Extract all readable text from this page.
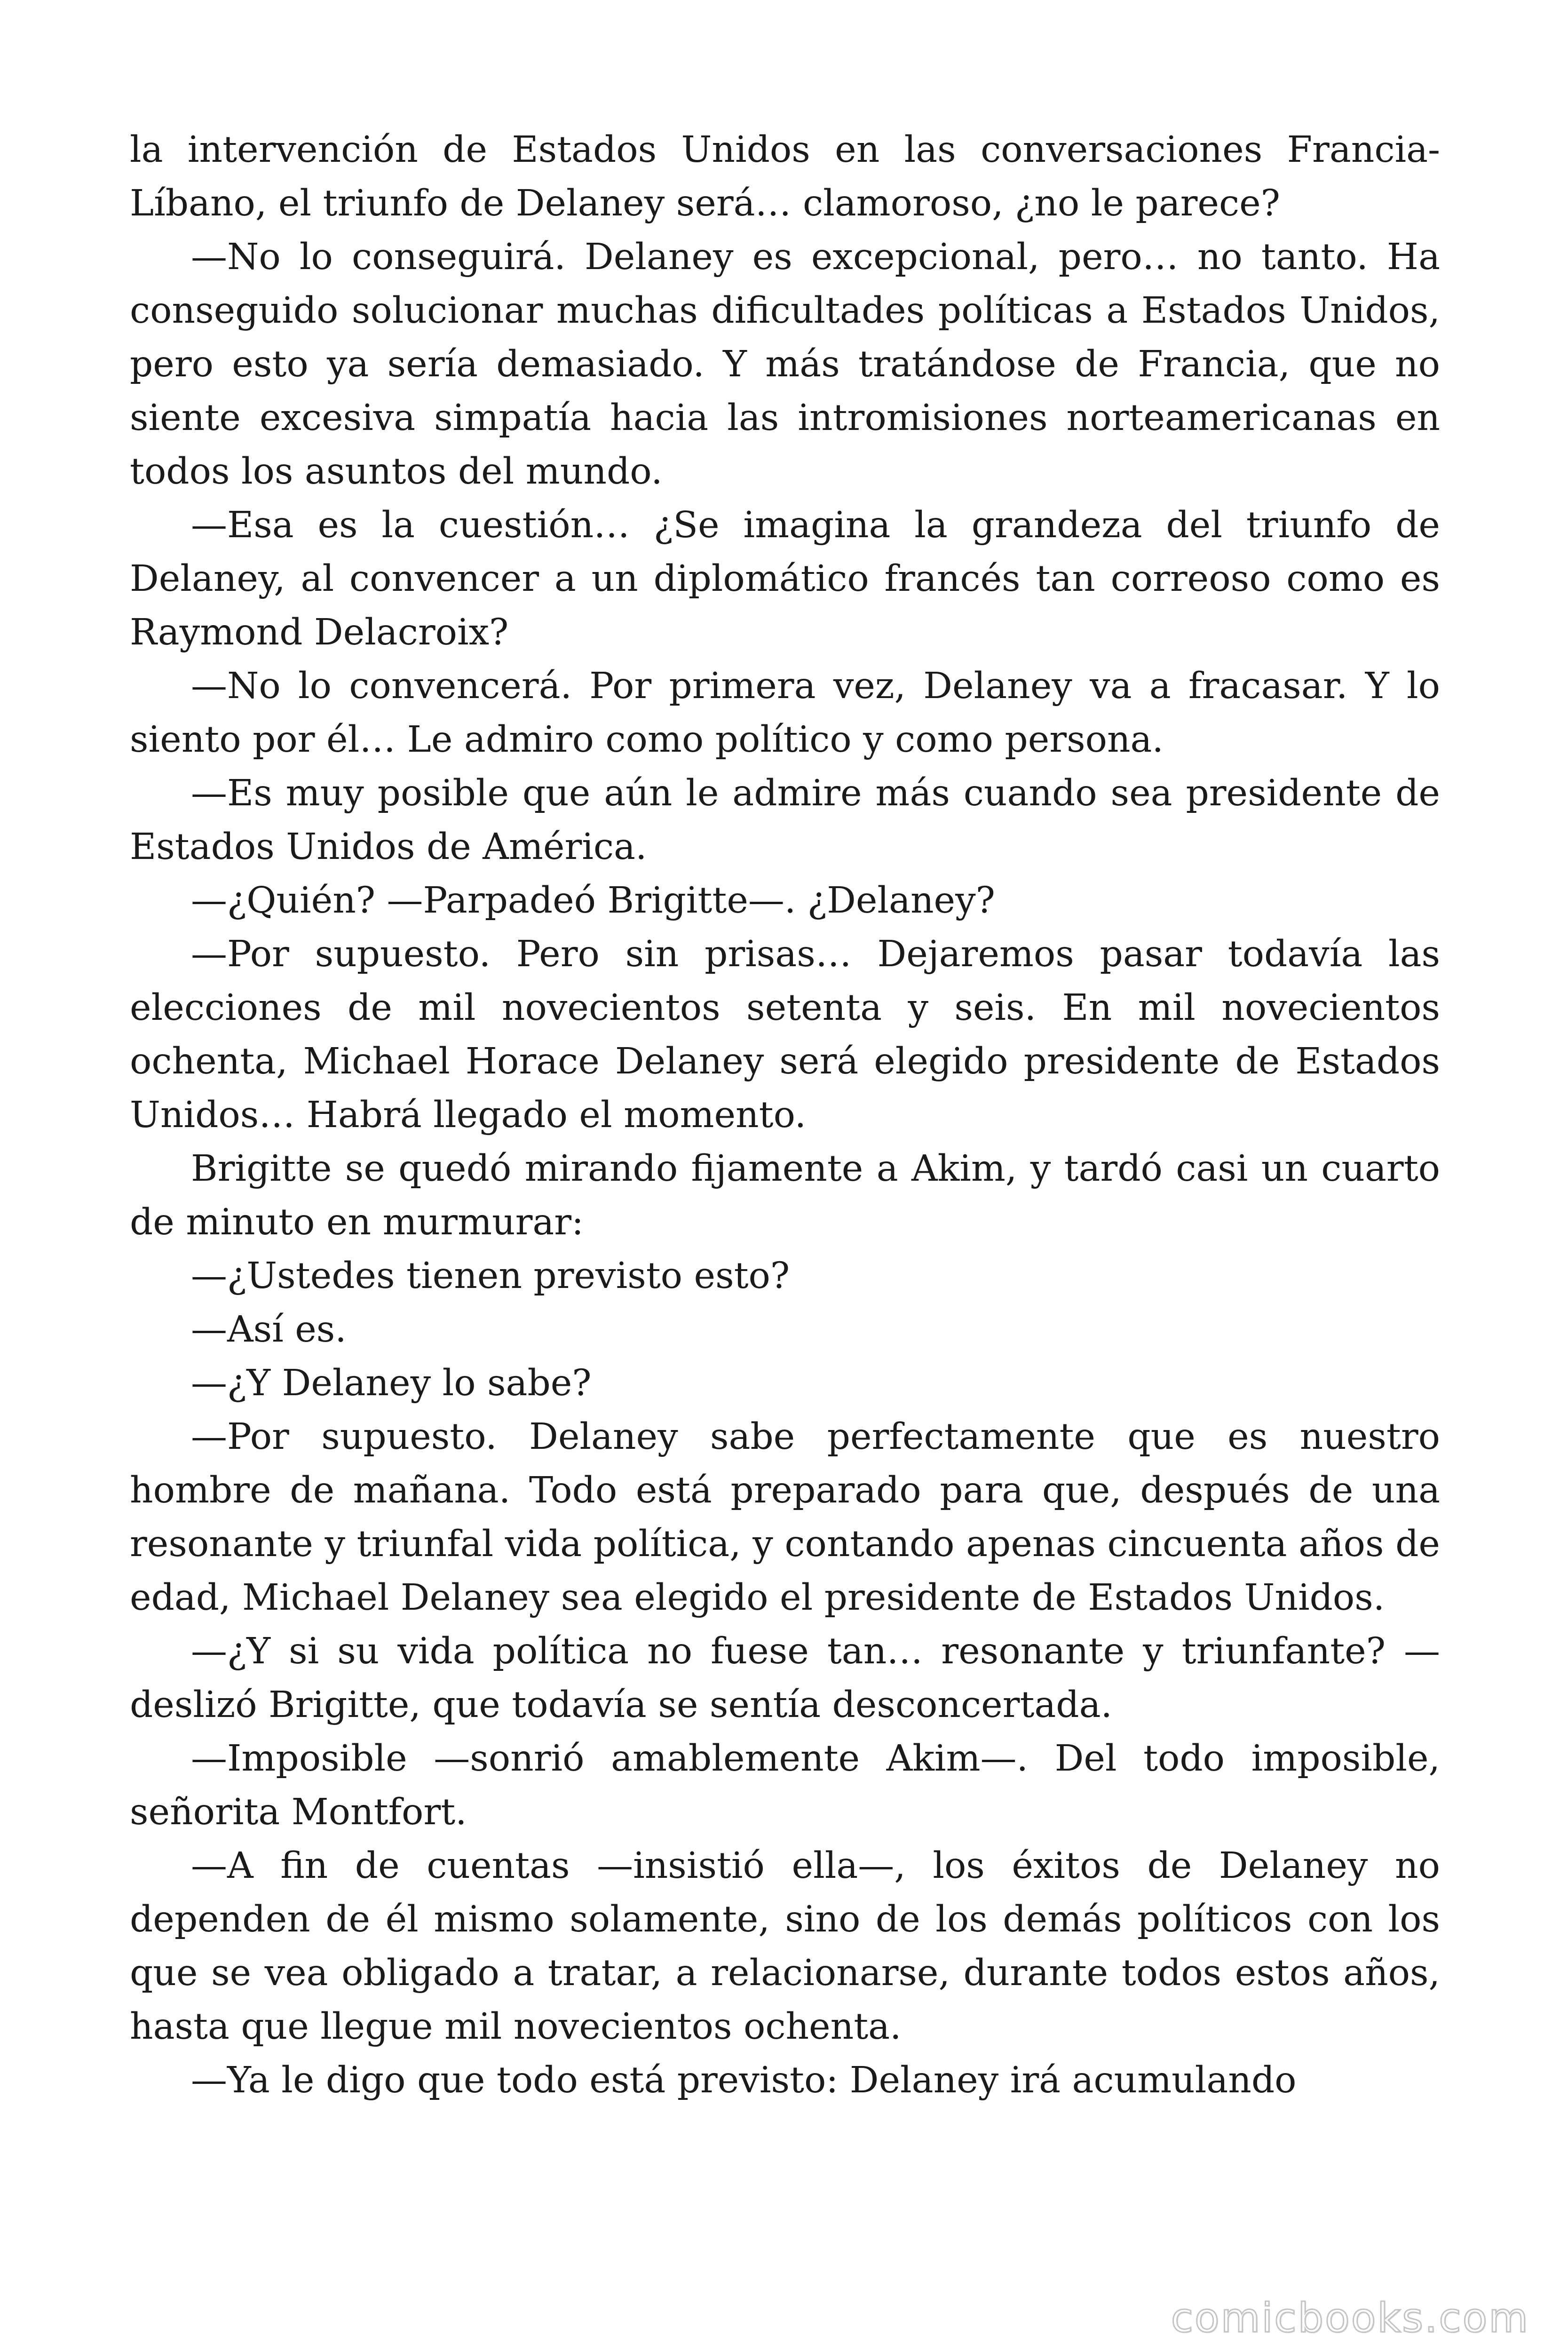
la intervención de Estados Unidos en las conversaciones Francia-Líbano, el triunfo de Delaney será… clamoroso, ¿no le parece?

—No lo conseguirá. Delaney es excepcional, pero… no tanto. Ha conseguido solucionar muchas dificultades políticas a Estados Unidos, pero esto ya sería demasiado. Y más tratándose de Francia, que no siente excesiva simpatía hacia las intromisiones norteamericanas en todos los asuntos del mundo.

—Esa es la cuestión… ¿Se imagina la grandeza del triunfo de Delaney, al convencer a un diplomático francés tan correoso como es Raymond Delacroix?

—No lo convencerá. Por primera vez, Delaney va a fracasar. Y lo siento por él… Le admiro como político y como persona.

—Es muy posible que aún le admire más cuando sea presidente de Estados Unidos de América.

—¿Quién? —Parpadeó Brigitte—. ¿Delaney?

—Por supuesto. Pero sin prisas… Dejaremos pasar todavía las elecciones de mil novecientos setenta y seis. En mil novecientos ochenta, Michael Horace Delaney será elegido presidente de Estados Unidos… Habrá llegado el momento.

Brigitte se quedó mirando fijamente a Akim, y tardó casi un cuarto de minuto en murmurar:

—¿Ustedes tienen previsto esto?

—Así es.

—¿Y Delaney lo sabe?

—Por supuesto. Delaney sabe perfectamente que es nuestro hombre de mañana. Todo está preparado para que, después de una resonante y triunfal vida política, y contando apenas cincuenta años de edad, Michael Delaney sea elegido el presidente de Estados Unidos.

—¿Y si su vida política no fuese tan… resonante y triunfante? —deslizó Brigitte, que todavía se sentía desconcertada.

—Imposible —sonrió amablemente Akim—. Del todo imposible, señorita Montfort.

—A fin de cuentas —insistió ella—, los éxitos de Delaney no dependen de él mismo solamente, sino de los demás políticos con los que se vea obligado a tratar, a relacionarse, durante todos estos años, hasta que llegue mil novecientos ochenta.

—Ya le digo que todo está previsto: Delaney irá acumulando

comicbooks.com
